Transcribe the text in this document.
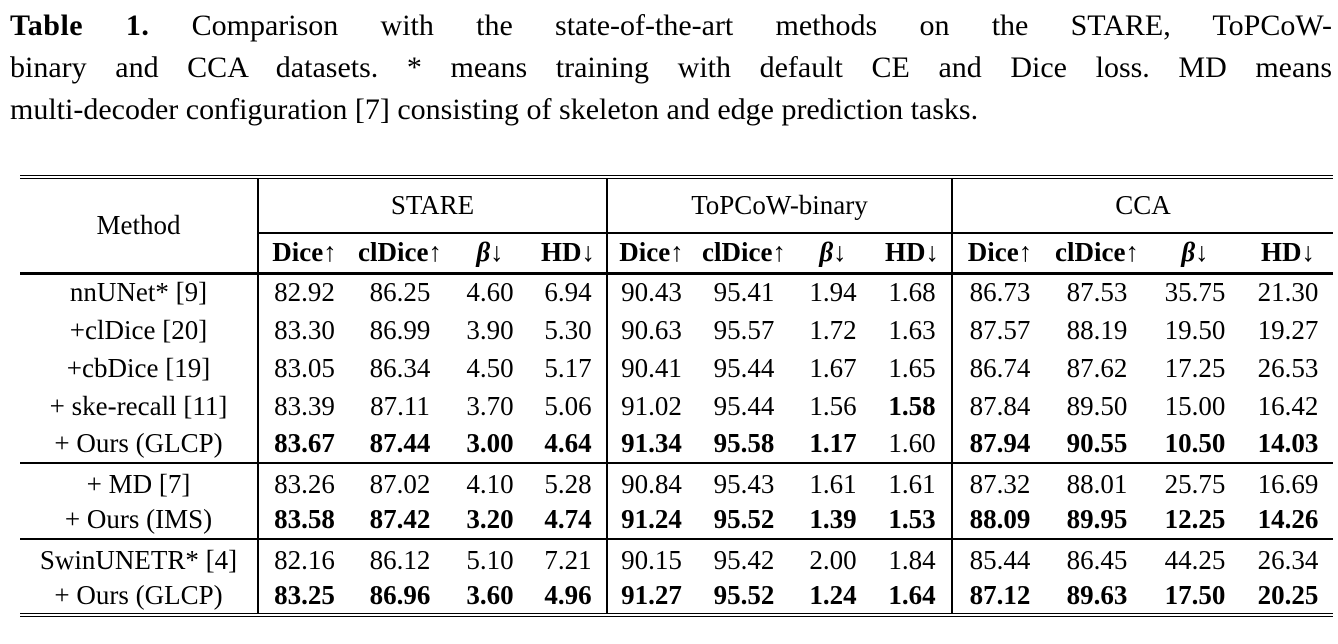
Table 1. Comparison with the state-of-the-art methods on the STARE, ToPCoW-
binary and CCA datasets. * means training with default CE and Dice loss. MD means
multi-decoder configuration [7] consisting of skeleton and edge prediction tasks.
Method	STARE				ToPCoW-binary				CCA			
	Dice↑	clDice↑	β↓	HD↓	Dice↑	clDice↑	β↓	HD↓	Dice↑	clDice↑	β↓	HD↓
nnUNet* [9]	82.92	86.25	4.60	6.94	90.43	95.41	1.94	1.68	86.73	87.53	35.75	21.30
+clDice [20]	83.30	86.99	3.90	5.30	90.63	95.57	1.72	1.63	87.57	88.19	19.50	19.27
+cbDice [19]	83.05	86.34	4.50	5.17	90.41	95.44	1.67	1.65	86.74	87.62	17.25	26.53
+ ske-recall [11]	83.39	87.11	3.70	5.06	91.02	95.44	1.56	1.58	87.84	89.50	15.00	16.42
+ Ours (GLCP)	83.67	87.44	3.00	4.64	91.34	95.58	1.17	1.60	87.94	90.55	10.50	14.03
+ MD [7]	83.26	87.02	4.10	5.28	90.84	95.43	1.61	1.61	87.32	88.01	25.75	16.69
+ Ours (IMS)	83.58	87.42	3.20	4.74	91.24	95.52	1.39	1.53	88.09	89.95	12.25	14.26
SwinUNETR* [4]	82.16	86.12	5.10	7.21	90.15	95.42	2.00	1.84	85.44	86.45	44.25	26.34
+ Ours (GLCP)	83.25	86.96	3.60	4.96	91.27	95.52	1.24	1.64	87.12	89.63	17.50	20.25
